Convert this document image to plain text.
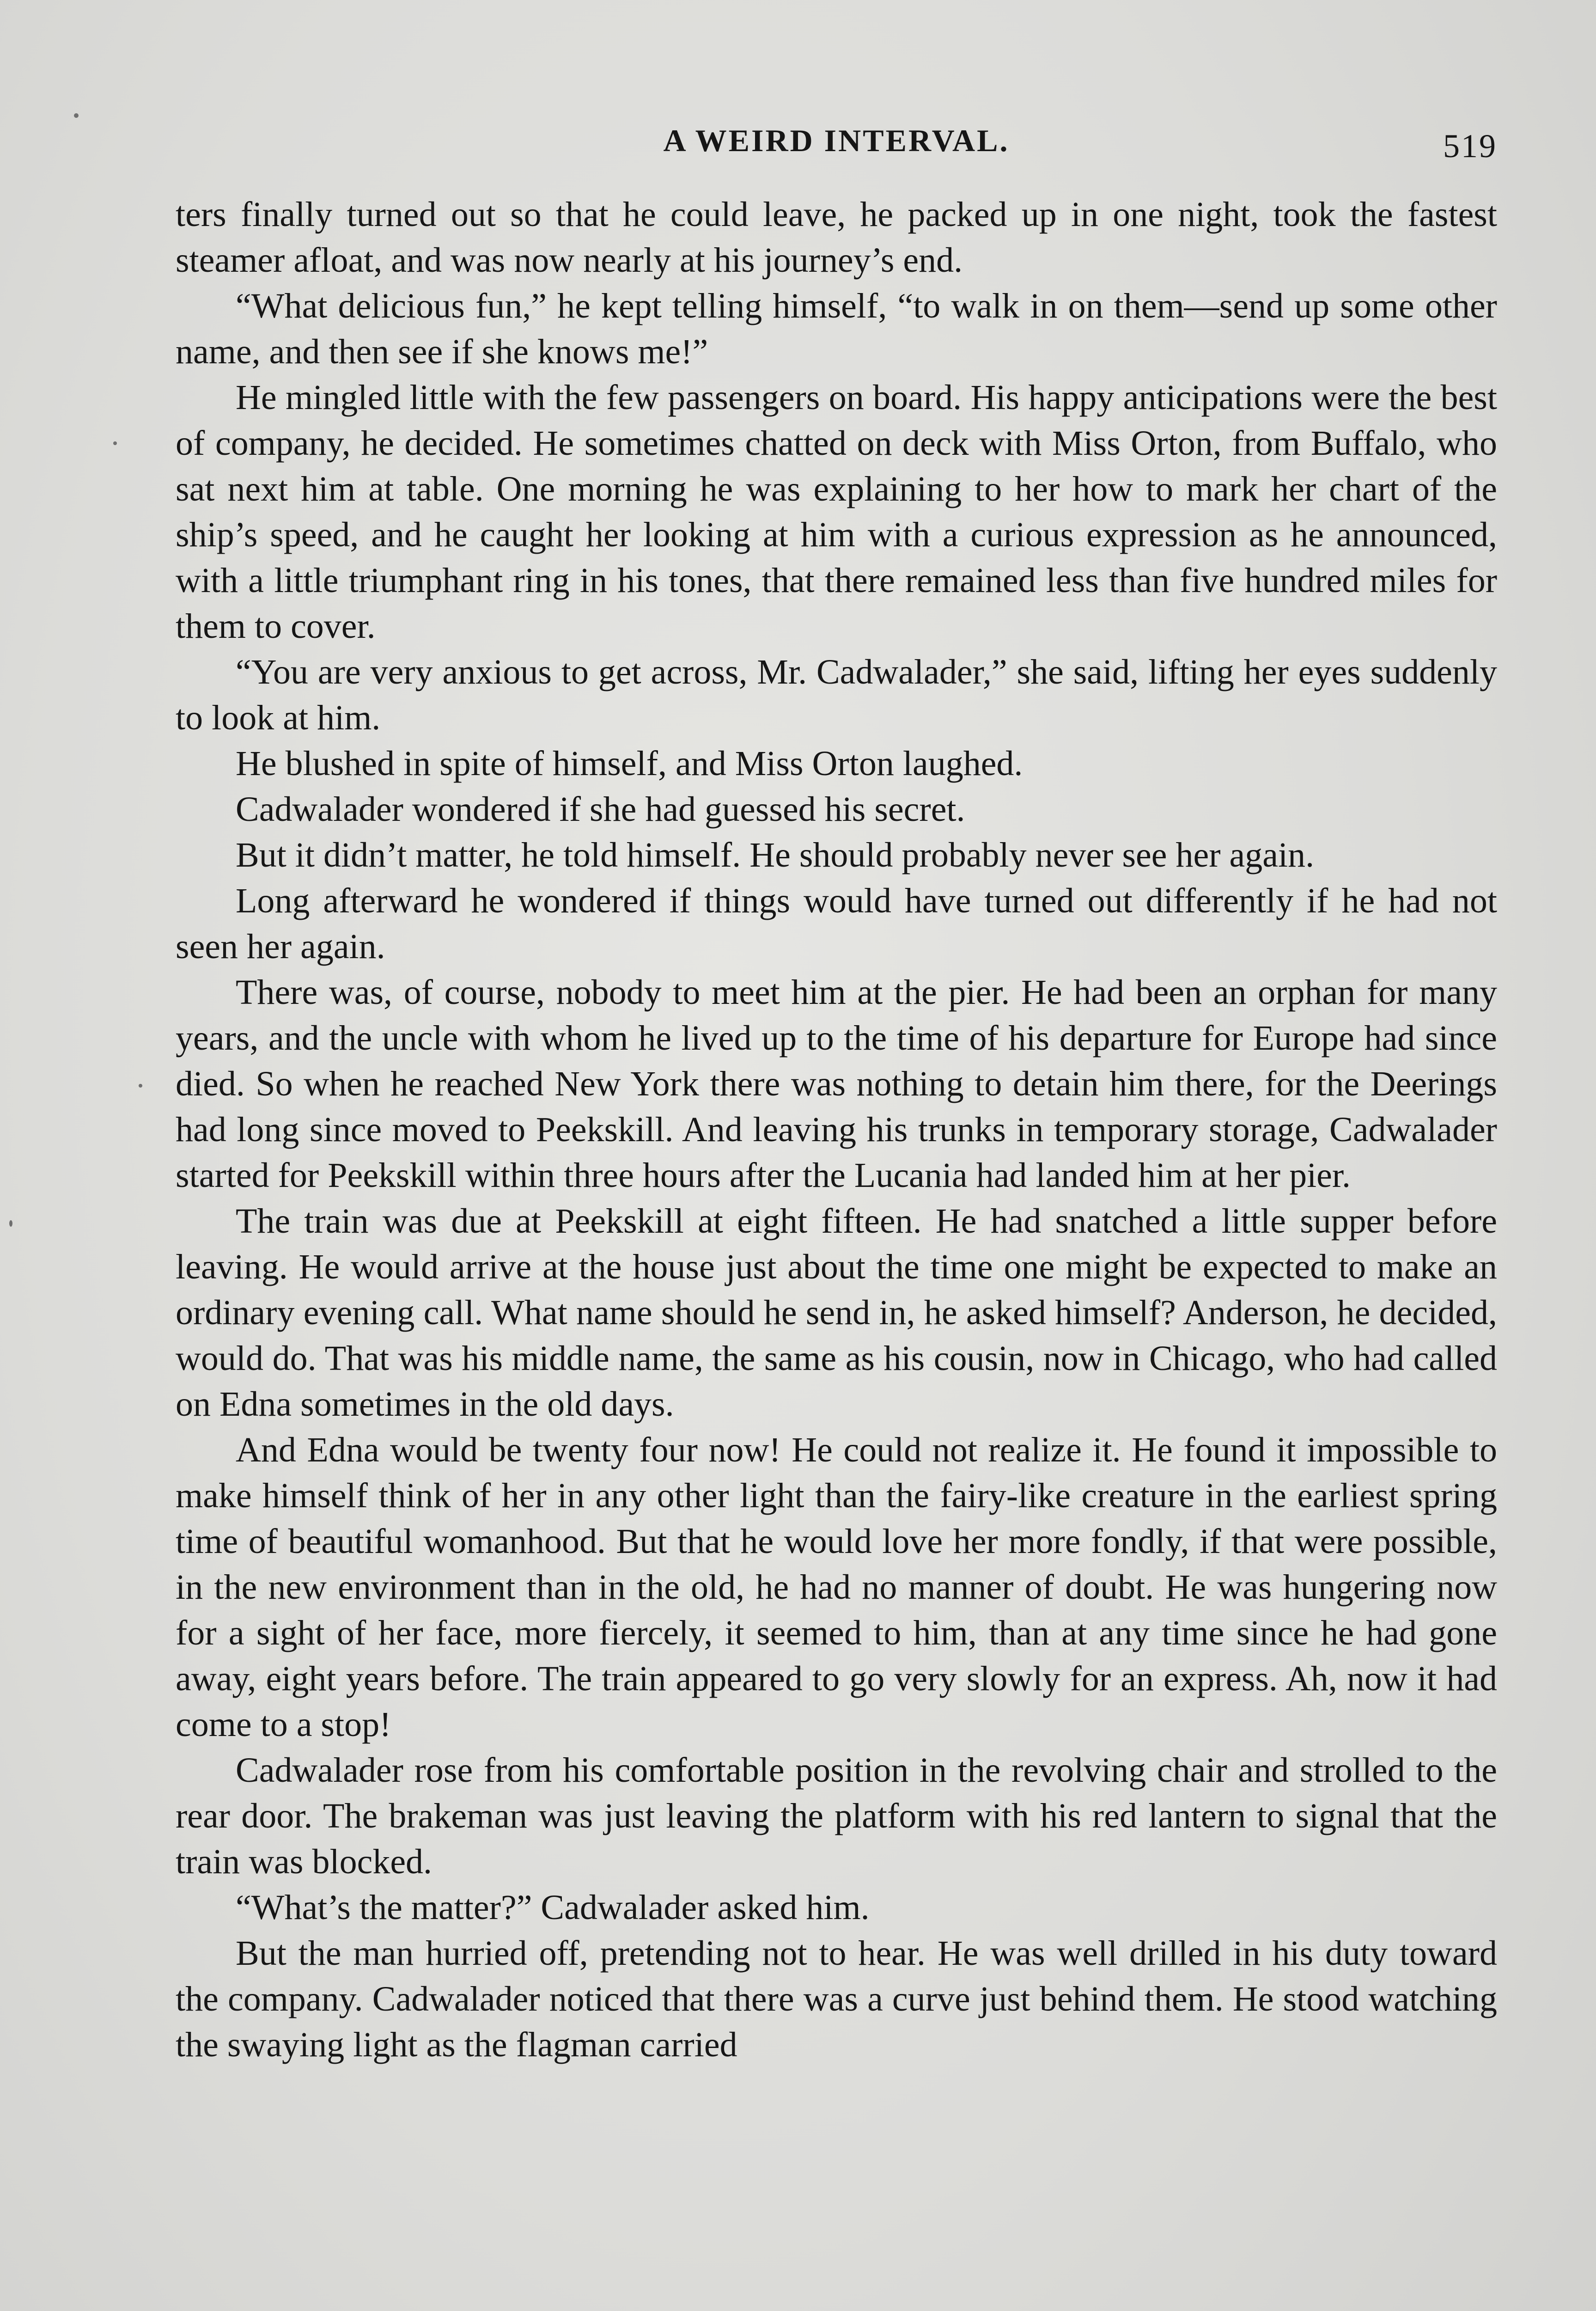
A WEIRD INTERVAL.	519

ters finally turned out so that he could leave, he packed up in one night, took the fastest steamer afloat, and was now nearly at his journey’s end.

“What delicious fun,” he kept telling himself, “to walk in on them—send up some other name, and then see if she knows me!”

He mingled little with the few passengers on board. His happy anticipations were the best of company, he decided. He sometimes chatted on deck with Miss Orton, from Buffalo, who sat next him at table. One morning he was explaining to her how to mark her chart of the ship’s speed, and he caught her looking at him with a curious expression as he announced, with a little triumphant ring in his tones, that there remained less than five hundred miles for them to cover.

“You are very anxious to get across, Mr. Cadwalader,” she said, lifting her eyes suddenly to look at him.

He blushed in spite of himself, and Miss Orton laughed.

Cadwalader wondered if she had guessed his secret.

But it didn’t matter, he told himself. He should probably never see her again.

Long afterward he wondered if things would have turned out differently if he had not seen her again.

There was, of course, nobody to meet him at the pier. He had been an orphan for many years, and the uncle with whom he lived up to the time of his departure for Europe had since died. So when he reached New York there was nothing to detain him there, for the Deerings had long since moved to Peekskill. And leaving his trunks in temporary storage, Cadwalader started for Peekskill within three hours after the Lucania had landed him at her pier.

The train was due at Peekskill at eight fifteen. He had snatched a little supper before leaving. He would arrive at the house just about the time one might be expected to make an ordinary evening call. What name should he send in, he asked himself? Anderson, he decided, would do. That was his middle name, the same as his cousin, now in Chicago, who had called on Edna sometimes in the old days.

And Edna would be twenty four now! He could not realize it. He found it impossible to make himself think of her in any other light than the fairy-like creature in the earliest spring time of beautiful womanhood. But that he would love her more fondly, if that were possible, in the new environment than in the old, he had no manner of doubt. He was hungering now for a sight of her face, more fiercely, it seemed to him, than at any time since he had gone away, eight years before. The train appeared to go very slowly for an express. Ah, now it had come to a stop!

Cadwalader rose from his comfortable position in the revolving chair and strolled to the rear door. The brakeman was just leaving the platform with his red lantern to signal that the train was blocked.

“What’s the matter?” Cadwalader asked him.

But the man hurried off, pretending not to hear. He was well drilled in his duty toward the company. Cadwalader noticed that there was a curve just behind them. He stood watching the swaying light as the flagman carried
